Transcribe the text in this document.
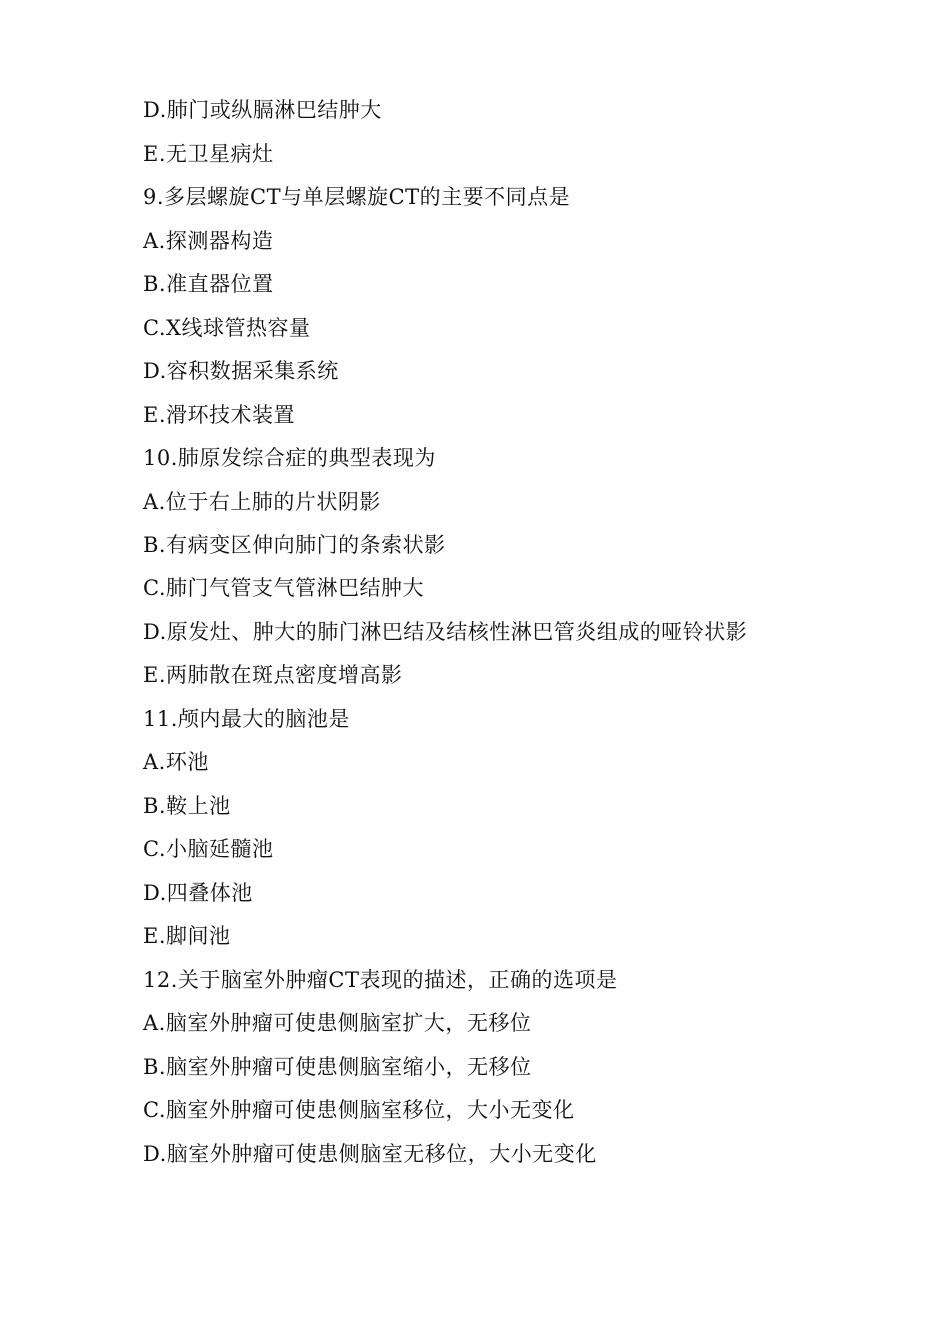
D.肺门或纵膈淋巴结肿大
E.无卫星病灶
9.多层螺旋CT与单层螺旋CT的主要不同点是
A.探测器构造
B.准直器位置
C.X线球管热容量
D.容积数据采集系统
E.滑环技术装置
10.肺原发综合症的典型表现为
A.位于右上肺的片状阴影
B.有病变区伸向肺门的条索状影
C.肺门气管支气管淋巴结肿大
D.原发灶、肿大的肺门淋巴结及结核性淋巴管炎组成的哑铃状影
E.两肺散在斑点密度增高影
11.颅内最大的脑池是
A.环池
B.鞍上池
C.小脑延髓池
D.四叠体池
E.脚间池
12.关于脑室外肿瘤CT表现的描述，正确的选项是
A.脑室外肿瘤可使患侧脑室扩大，无移位
B.脑室外肿瘤可使患侧脑室缩小，无移位
C.脑室外肿瘤可使患侧脑室移位，大小无变化
D.脑室外肿瘤可使患侧脑室无移位，大小无变化
